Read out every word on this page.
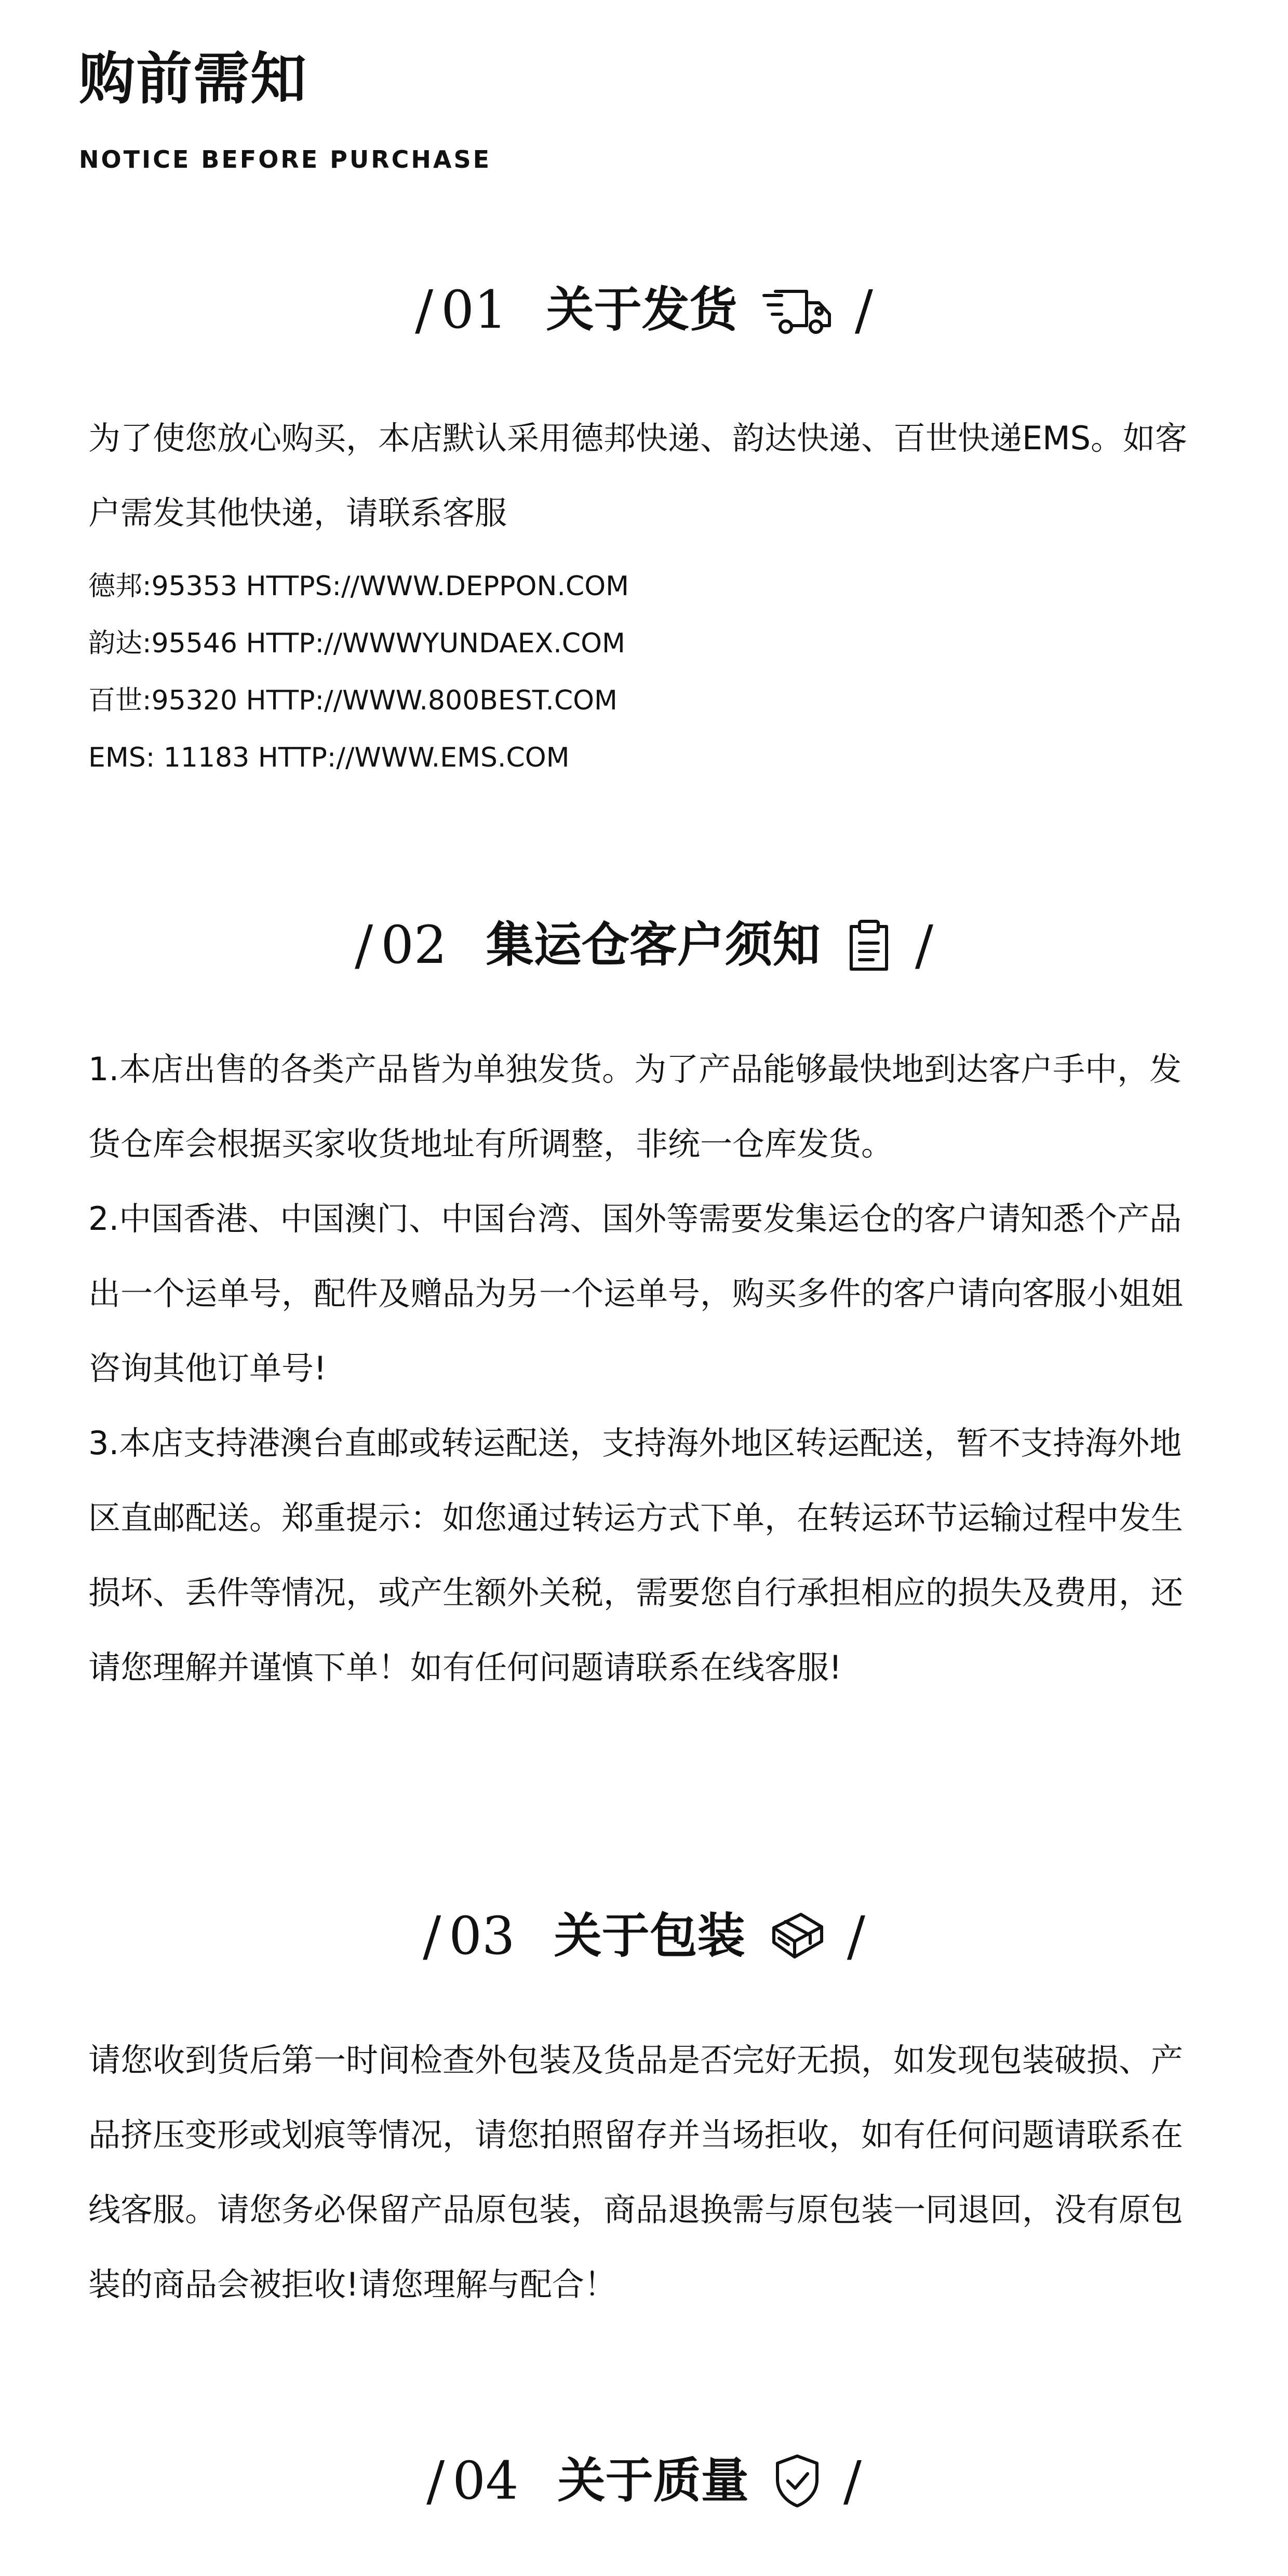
购前需知
NOTICE BEFORE PURCHASE
/ 01 关于发货 /

为了使您放心购买，本店默认采用德邦快递、韵达快递、百世快递EMS。如客户需发其他快递，请联系客服

德邦:95353 HTTPS://WWW.DEPPON.COM

韵达:95546 HTTP://WWWYUNDAEX.COM

百世:95320 HTTP://WWW.800BEST.COM

EMS: 11183 HTTP://WWW.EMS.COM

/ 02 集运仓客户须知 /

1.本店出售的各类产品皆为单独发货。为了产品能够最快地到达客户手中，发货仓库会根据买家收货地址有所调整，非统一仓库发货。

2.中国香港、中国澳门、中国台湾、国外等需要发集运仓的客户请知悉个产品出一个运单号，配件及赠品为另一个运单号，购买多件的客户请向客服小姐姐咨询其他订单号!

3.本店支持港澳台直邮或转运配送，支持海外地区转运配送，暂不支持海外地区直邮配送。郑重提示：如您通过转运方式下单，在转运环节运输过程中发生损坏、丢件等情况，或产生额外关税，需要您自行承担相应的损失及费用，还请您理解并谨慎下单！如有任何问题请联系在线客服!

/ 03 关于包装 /

请您收到货后第一时间检查外包装及货品是否完好无损，如发现包装破损、产品挤压变形或划痕等情况，请您拍照留存并当场拒收，如有任何问题请联系在线客服。请您务必保留产品原包装，商品退换需与原包装一同退回，没有原包装的商品会被拒收!请您理解与配合！

/ 04 关于质量 /
